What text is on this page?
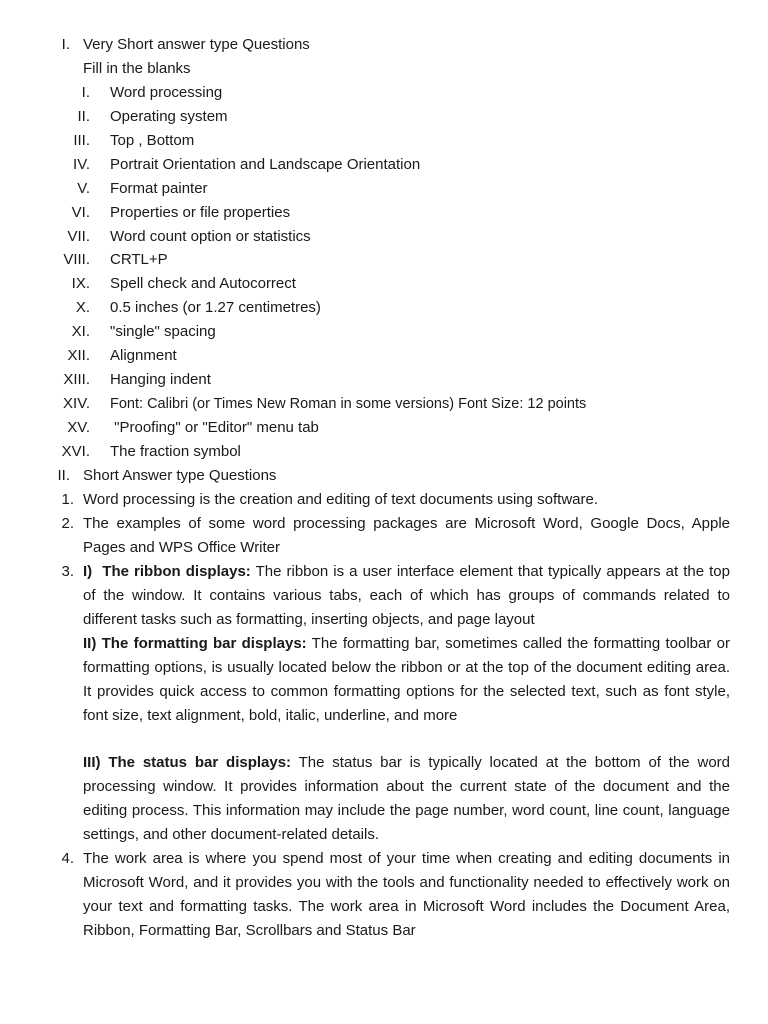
I. Very Short answer type Questions
Fill in the blanks
I. Word processing
II. Operating system
III. Top , Bottom
IV. Portrait Orientation and Landscape Orientation
V. Format painter
VI. Properties or file properties
VII. Word count option or statistics
VIII. CRTL+P
IX. Spell check and Autocorrect
X. 0.5 inches (or 1.27 centimetres)
XI. "single" spacing
XII. Alignment
XIII. Hanging indent
XIV. Font: Calibri (or Times New Roman in some versions) Font Size: 12 points
XV. "Proofing" or "Editor" menu tab
XVI. The fraction symbol
II. Short Answer type Questions
1. Word processing is the creation and editing of text documents using software.
2. The examples of some word processing packages are Microsoft Word, Google Docs, Apple Pages and WPS Office Writer
3. I)  The ribbon displays: The ribbon is a user interface element that typically appears at the top of the window. It contains various tabs, each of which has groups of commands related to different tasks such as formatting, inserting objects, and page layout
II) The formatting bar displays: The formatting bar, sometimes called the formatting toolbar or formatting options, is usually located below the ribbon or at the top of the document editing area. It provides quick access to common formatting options for the selected text, such as font style, font size, text alignment, bold, italic, underline, and more
III) The status bar displays: The status bar is typically located at the bottom of the word processing window. It provides information about the current state of the document and the editing process. This information may include the page number, word count, line count, language settings, and other document-related details.
4. The work area is where you spend most of your time when creating and editing documents in Microsoft Word, and it provides you with the tools and functionality needed to effectively work on your text and formatting tasks. The work area in Microsoft Word includes the Document Area, Ribbon, Formatting Bar, Scrollbars and Status Bar
